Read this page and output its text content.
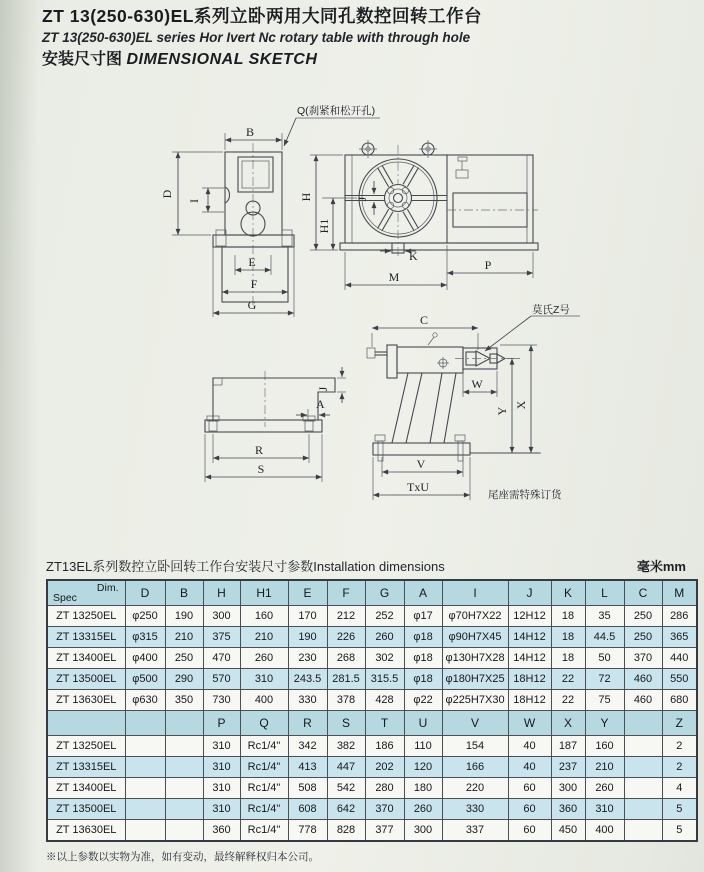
ZT 13(250-630)EL系列立卧两用大同孔数控回转工作台
ZT 13(250-630)EL series Hor Ivert Nc rotary table with through hole
安装尺寸图 DIMENSIONAL SKETCH
B
D
I
E
F
G
Q(刹紧和松开孔)
J
K
H
H1
M
P
J
A
R
S
C
莫氏Z号
W
Y
X
V
TxU
尾座需特殊订货
ZT13EL系列数控立卧回转工作台安装尺寸参数Installation dimensions	毫米mm
Dim.
Spec	D	B	H	H1	E	F	G	A	I	J	K	L	C	M
ZT 13250EL	φ250	190	300	160	170	212	252	φ17	φ70H7X22	12H12	18	35	250	286
ZT 13315EL	φ315	210	375	210	190	226	260	φ18	φ90H7X45	14H12	18	44.5	250	365
ZT 13400EL	φ400	250	470	260	230	268	302	φ18	φ130H7X28	14H12	18	50	370	440
ZT 13500EL	φ500	290	570	310	243.5	281.5	315.5	φ18	φ180H7X25	18H12	22	72	460	550
ZT 13630EL	φ630	350	730	400	330	378	428	φ22	φ225H7X30	18H12	22	75	460	680
			P	Q	R	S	T	U	V	W	X	Y		Z
ZT 13250EL			310	Rc1/4"	342	382	186	110	154	40	187	160		2
ZT 13315EL			310	Rc1/4"	413	447	202	120	166	40	237	210		2
ZT 13400EL			310	Rc1/4"	508	542	280	180	220	60	300	260		4
ZT 13500EL			310	Rc1/4"	608	642	370	260	330	60	360	310		5
ZT 13630EL			360	Rc1/4"	778	828	377	300	337	60	450	400		5
※以上参数以实物为准，如有变动，最终解释权归本公司。
